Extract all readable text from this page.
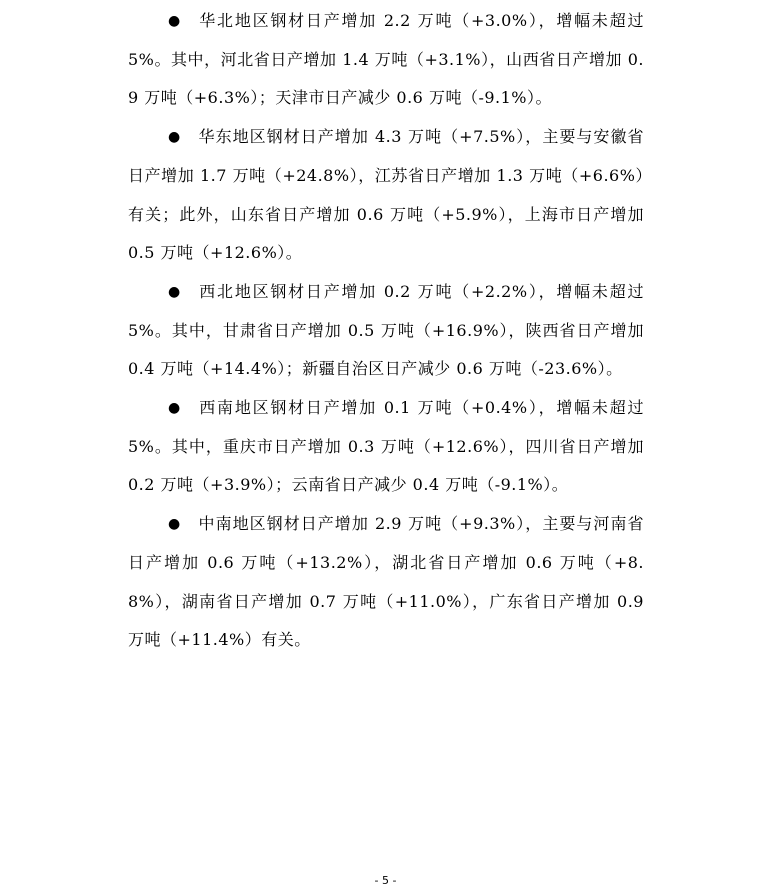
● 华北地区钢材日产增加 2.2 万吨（+3.0%），增幅未超过 5%。其中，河北省日产增加 1.4 万吨（+3.1%），山西省日产增加 0.9 万吨（+6.3%）；天津市日产减少 0.6 万吨（-9.1%）。

● 华东地区钢材日产增加 4.3 万吨（+7.5%），主要与安徽省日产增加 1.7 万吨（+24.8%），江苏省日产增加 1.3 万吨（+6.6%）有关；此外，山东省日产增加 0.6 万吨（+5.9%），上海市日产增加 0.5 万吨（+12.6%）。

● 西北地区钢材日产增加 0.2 万吨（+2.2%），增幅未超过 5%。其中，甘肃省日产增加 0.5 万吨（+16.9%），陕西省日产增加 0.4 万吨（+14.4%）；新疆自治区日产减少 0.6 万吨（-23.6%）。

● 西南地区钢材日产增加 0.1 万吨（+0.4%），增幅未超过 5%。其中，重庆市日产增加 0.3 万吨（+12.6%），四川省日产增加 0.2 万吨（+3.9%）；云南省日产减少 0.4 万吨（-9.1%）。

● 中南地区钢材日产增加 2.9 万吨（+9.3%），主要与河南省日产增加 0.6 万吨（+13.2%），湖北省日产增加 0.6 万吨（+8.8%），湖南省日产增加 0.7 万吨（+11.0%），广东省日产增加 0.9 万吨（+11.4%）有关。

- 5 -
